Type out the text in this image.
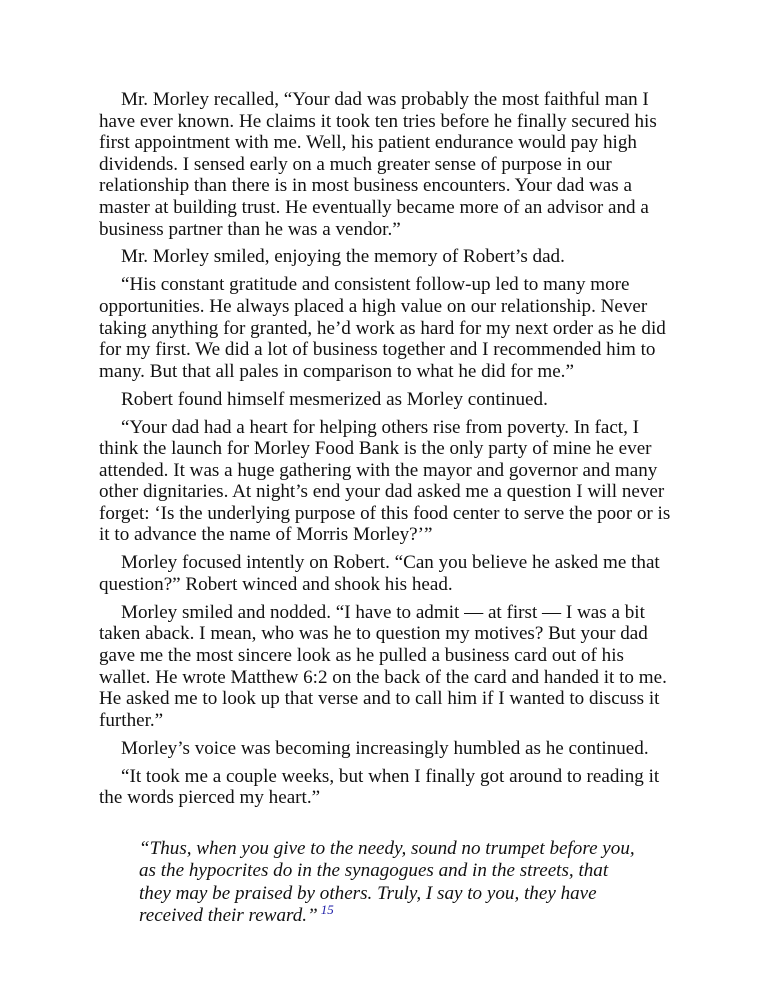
Mr. Morley recalled, “Your dad was probably the most faithful man I have ever known. He claims it took ten tries before he finally secured his first appointment with me. Well, his patient endurance would pay high dividends. I sensed early on a much greater sense of purpose in our relationship than there is in most business encounters. Your dad was a master at building trust. He eventually became more of an advisor and a business partner than he was a vendor.”

Mr. Morley smiled, enjoying the memory of Robert’s dad.

“His constant gratitude and consistent follow-up led to many more opportunities. He always placed a high value on our relationship. Never taking anything for granted, he’d work as hard for my next order as he did for my first. We did a lot of business together and I recommended him to many. But that all pales in comparison to what he did for me.”

Robert found himself mesmerized as Morley continued.

“Your dad had a heart for helping others rise from poverty. In fact, I think the launch for Morley Food Bank is the only party of mine he ever attended. It was a huge gathering with the mayor and governor and many other dignitaries. At night’s end your dad asked me a question I will never forget: ‘Is the underlying purpose of this food center to serve the poor or is it to advance the name of Morris Morley?’”

Morley focused intently on Robert. “Can you believe he asked me that question?” Robert winced and shook his head.

Morley smiled and nodded. “I have to admit — at first — I was a bit taken aback. I mean, who was he to question my motives? But your dad gave me the most sincere look as he pulled a business card out of his wallet. He wrote Matthew 6:2 on the back of the card and handed it to me. He asked me to look up that verse and to call him if I wanted to discuss it further.”

Morley’s voice was becoming increasingly humbled as he continued.

“It took me a couple weeks, but when I finally got around to reading it the words pierced my heart.”

“Thus, when you give to the needy, sound no trumpet before you, as the hypocrites do in the synagogues and in the streets, that they may be praised by others. Truly, I say to you, they have received their reward.” $^{15}$
